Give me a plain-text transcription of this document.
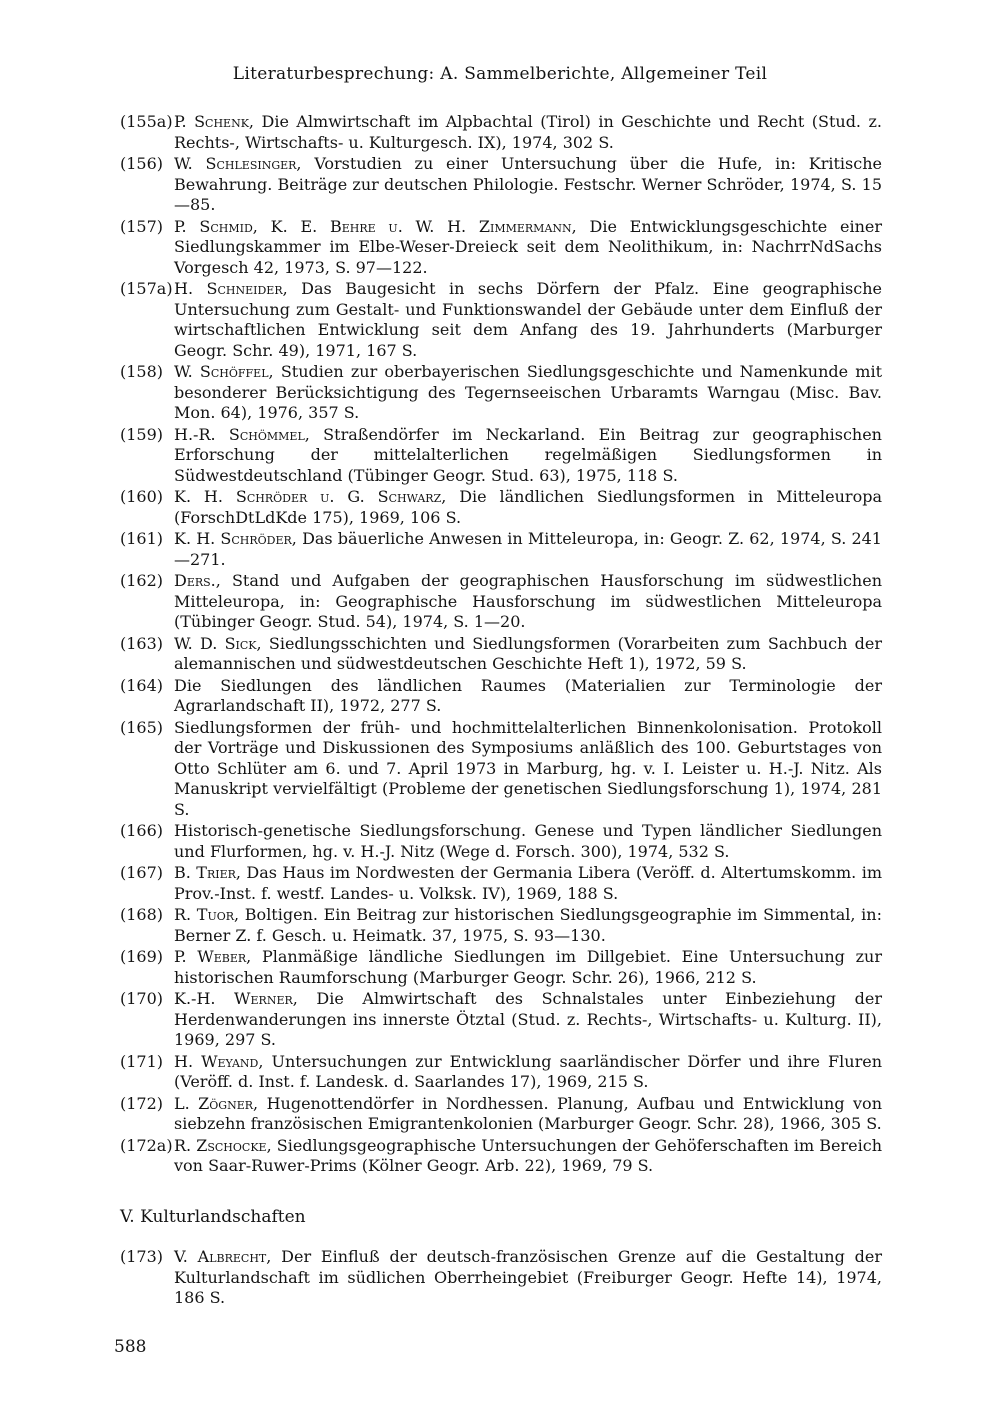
Literaturbesprechung: A. Sammelberichte, Allgemeiner Teil
(155a) P. Schenk, Die Almwirtschaft im Alpbachtal (Tirol) in Geschichte und Recht (Stud. z. Rechts-, Wirtschafts- u. Kulturgesch. IX), 1974, 302 S.
(156) W. Schlesinger, Vorstudien zu einer Untersuchung über die Hufe, in: Kritische Bewahrung. Beiträge zur deutschen Philologie. Festschr. Werner Schröder, 1974, S. 15—85.
(157) P. Schmid, K. E. Behre u. W. H. Zimmermann, Die Entwicklungsgeschichte einer Siedlungskammer im Elbe-Weser-Dreieck seit dem Neolithikum, in: NachrrNdSachs Vorgesch 42, 1973, S. 97—122.
(157a) H. Schneider, Das Baugesicht in sechs Dörfern der Pfalz. Eine geographische Untersuchung zum Gestalt- und Funktionswandel der Gebäude unter dem Einfluß der wirtschaftlichen Entwicklung seit dem Anfang des 19. Jahrhunderts (Marburger Geogr. Schr. 49), 1971, 167 S.
(158) W. Schöffel, Studien zur oberbayerischen Siedlungsgeschichte und Namenkunde mit besonderer Berücksichtigung des Tegernseeischen Urbaramts Warngau (Misc. Bav. Mon. 64), 1976, 357 S.
(159) H.-R. Schömmel, Straßendörfer im Neckarland. Ein Beitrag zur geographischen Erforschung der mittelalterlichen regelmäßigen Siedlungsformen in Südwestdeutschland (Tübinger Geogr. Stud. 63), 1975, 118 S.
(160) K. H. Schröder u. G. Schwarz, Die ländlichen Siedlungsformen in Mitteleuropa (ForschDtLdKde 175), 1969, 106 S.
(161) K. H. Schröder, Das bäuerliche Anwesen in Mitteleuropa, in: Geogr. Z. 62, 1974, S. 241—271.
(162) Ders., Stand und Aufgaben der geographischen Hausforschung im südwestlichen Mitteleuropa, in: Geographische Hausforschung im südwestlichen Mitteleuropa (Tübinger Geogr. Stud. 54), 1974, S. 1—20.
(163) W. D. Sick, Siedlungsschichten und Siedlungsformen (Vorarbeiten zum Sachbuch der alemannischen und südwestdeutschen Geschichte Heft 1), 1972, 59 S.
(164) Die Siedlungen des ländlichen Raumes (Materialien zur Terminologie der Agrarlandschaft II), 1972, 277 S.
(165) Siedlungsformen der früh- und hochmittelalterlichen Binnenkolonisation. Protokoll der Vorträge und Diskussionen des Symposiums anläßlich des 100. Geburtstages von Otto Schlüter am 6. und 7. April 1973 in Marburg, hg. v. I. Leister u. H.-J. Nitz. Als Manuskript vervielfältigt (Probleme der genetischen Siedlungsforschung 1), 1974, 281 S.
(166) Historisch-genetische Siedlungsforschung. Genese und Typen ländlicher Siedlungen und Flurformen, hg. v. H.-J. Nitz (Wege d. Forsch. 300), 1974, 532 S.
(167) B. Trier, Das Haus im Nordwesten der Germania Libera (Veröff. d. Altertumskomm. im Prov.-Inst. f. westf. Landes- u. Volksk. IV), 1969, 188 S.
(168) R. Tuor, Boltigen. Ein Beitrag zur historischen Siedlungsgeographie im Simmental, in: Berner Z. f. Gesch. u. Heimatk. 37, 1975, S. 93—130.
(169) P. Weber, Planmäßige ländliche Siedlungen im Dillgebiet. Eine Untersuchung zur historischen Raumforschung (Marburger Geogr. Schr. 26), 1966, 212 S.
(170) K.-H. Werner, Die Almwirtschaft des Schnalstales unter Einbeziehung der Herdenwanderungen ins innerste Ötztal (Stud. z. Rechts-, Wirtschafts- u. Kulturg. II), 1969, 297 S.
(171) H. Weyand, Untersuchungen zur Entwicklung saarländischer Dörfer und ihre Fluren (Veröff. d. Inst. f. Landesk. d. Saarlandes 17), 1969, 215 S.
(172) L. Zögner, Hugenottendörfer in Nordhessen. Planung, Aufbau und Entwicklung von siebzehn französischen Emigrantenkolonien (Marburger Geogr. Schr. 28), 1966, 305 S.
(172a) R. Zschocke, Siedlungsgeographische Untersuchungen der Gehöferschaften im Bereich von Saar-Ruwer-Prims (Kölner Geogr. Arb. 22), 1969, 79 S.
V. Kulturlandschaften
(173) V. Albrecht, Der Einfluß der deutsch-französischen Grenze auf die Gestaltung der Kulturlandschaft im südlichen Oberrheingebiet (Freiburger Geogr. Hefte 14), 1974, 186 S.
588
